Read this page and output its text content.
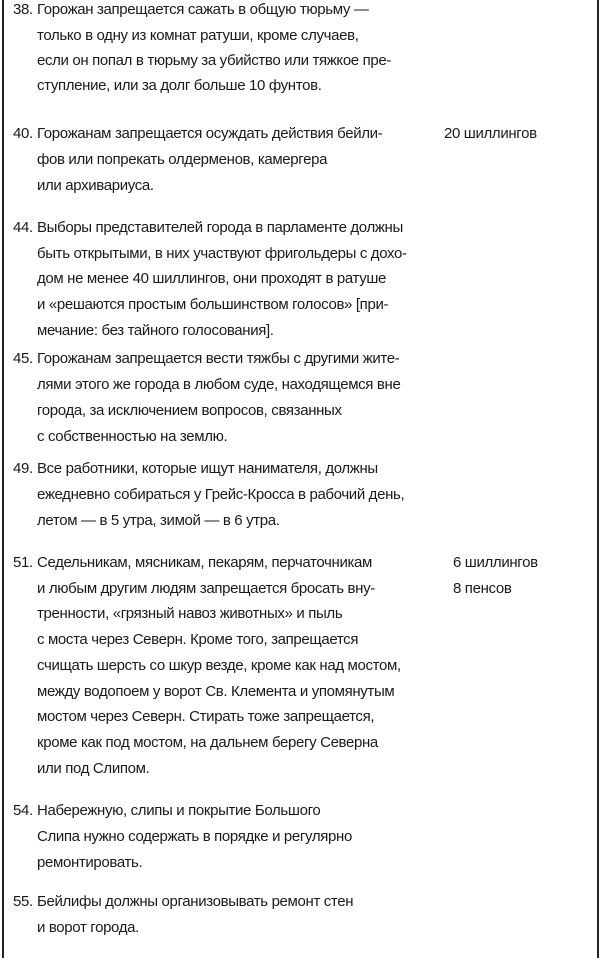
38. Горожан запрещается сажать в общую тюрьму —
только в одну из комнат ратуши, кроме случаев,
если он попал в тюрьму за убийство или тяжкое пре-
ступление, или за долг больше 10 фунтов.
40. Горожанам запрещается осуждать действия бейли-
фов или попрекать олдерменов, камергера
или архивариуса.
20 шиллингов
44. Выборы представителей города в парламенте должны
быть открытыми, в них участвуют фригольдеры с дохо-
дом не менее 40 шиллингов, они проходят в ратуше
и «решаются простым большинством голосов» [при-
мечание: без тайного голосования].
45. Горожанам запрещается вести тяжбы с другими жите-
лями этого же города в любом суде, находящемся вне
города, за исключением вопросов, связанных
с собственностью на землю.
49. Все работники, которые ищут нанимателя, должны
ежедневно собираться у Грейс-Кросса в рабочий день,
летом — в 5 утра, зимой — в 6 утра.
51. Седельникам, мясникам, пекарям, перчаточникам
и любым другим людям запрещается бросать вну-
тренности, «грязный навоз животных» и пыль
с моста через Северн. Кроме того, запрещается
счищать шерсть со шкур везде, кроме как над мостом,
между водопоем у ворот Св. Клемента и упомянутым
мостом через Северн. Стирать тоже запрещается,
кроме как под мостом, на дальнем берегу Северна
или под Слипом.
6 шиллингов
8 пенсов
54. Набережную, слипы и покрытие Большого
Слипа нужно содержать в порядке и регулярно
ремонтировать.
55. Бейлифы должны организовывать ремонт стен
и ворот города.
